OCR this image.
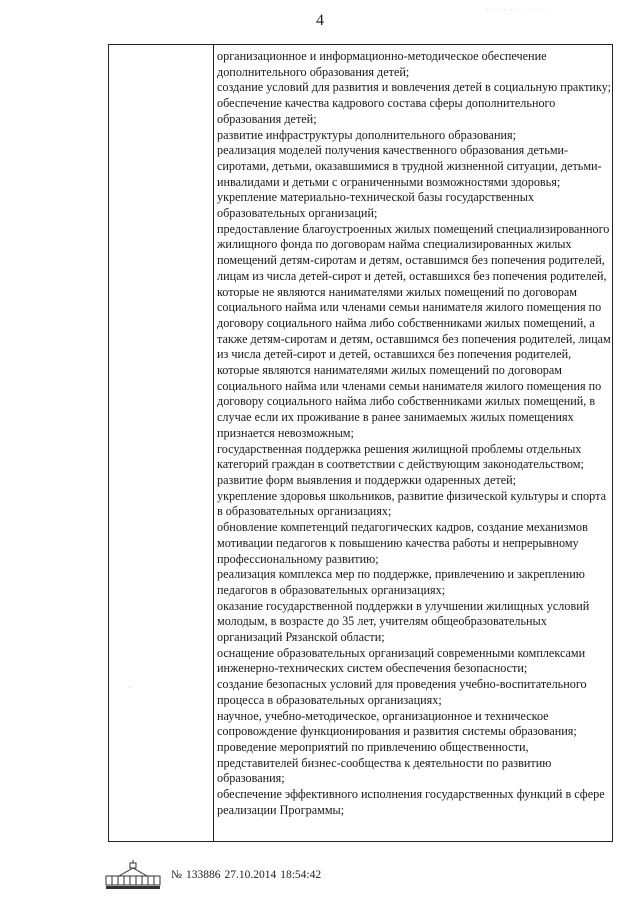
· · · · · · · · · · ·
4
·

организационное и информационно-методическое обеспечение дополнительного образования детей;

создание условий для развития и вовлечения детей в социальную практику;

обеспечение качества кадрового состава сферы дополнительного образования детей;

развитие инфраструктуры дополнительного образования;

реализация моделей получения качественного образования детьми-сиротами, детьми, оказавшимися в трудной жизненной ситуации, детьми-инвалидами и детьми с ограниченными возможностями здоровья;

укрепление материально-технической базы государственных образовательных организаций;

предоставление благоустроенных жилых помещений специализированного жилищного фонда по договорам найма специализированных жилых помещений детям-сиротам и детям, оставшимся без попечения родителей, лицам из числа детей-сирот и детей, оставшихся без попечения родителей, которые не являются нанимателями жилых помещений по договорам социального найма или членами семьи нанимателя жилого помещения по договору социального найма либо собственниками жилых помещений, а также детям-сиротам и детям, оставшимся без попечения родителей, лицам из числа детей-сирот и детей, оставшихся без попечения родителей, которые являются нанимателями жилых помещений по договорам социального найма или членами семьи нанимателя жилого помещения по договору социального найма либо собственниками жилых помещений, в случае если их проживание в ранее занимаемых жилых помещениях признается невозможным;

государственная поддержка решения жилищной проблемы отдельных категорий граждан в соответствии с действующим законодательством;

развитие форм выявления и поддержки одаренных детей;

укрепление здоровья школьников, развитие физической культуры и спорта в образовательных организациях;

обновление компетенций педагогических кадров, создание механизмов мотивации педагогов к повышению качества работы и непрерывному профессиональному развитию;

реализация комплекса мер по поддержке, привлечению и закреплению педагогов в образовательных организациях;

оказание государственной поддержки в улучшении жилищных условий молодым, в возрасте до 35 лет, учителям общеобразовательных организаций Рязанской области;

оснащение образовательных организаций современными комплексами инженерно-технических систем обеспечения безопасности;

создание безопасных условий для проведения учебно-воспитательного процесса в образовательных организациях;

научное, учебно-методическое, организационное и техническое сопровождение функционирования и развития системы образования;

проведение мероприятий по привлечению общественности, представителей бизнес-сообщества к деятельности по развитию образования;

обеспечение эффективного исполнения государственных функций в сфере реализации Программы;

№ 133886 27.10.2014 18:54:42
